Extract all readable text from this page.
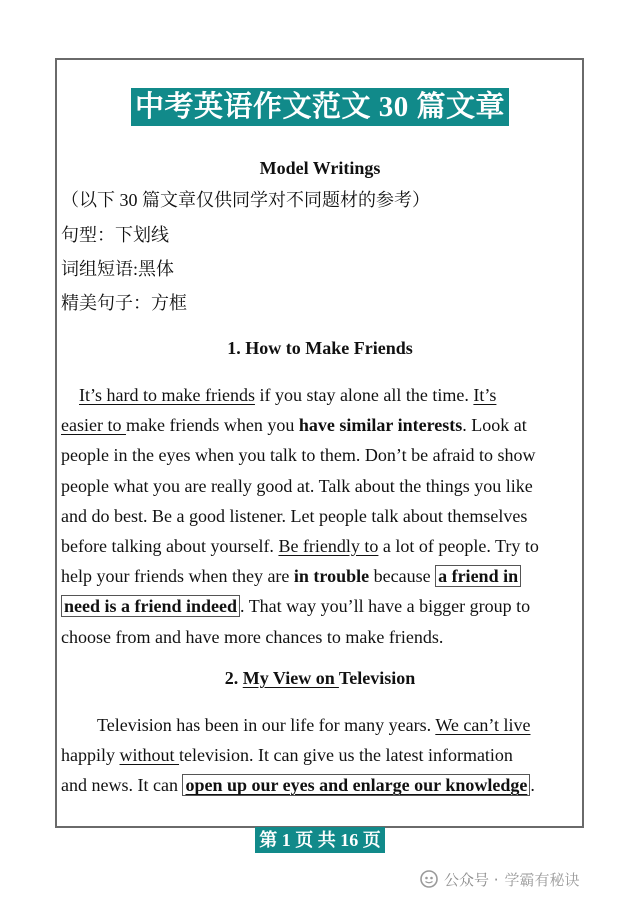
中考英语作文范文 30 篇文章
Model Writings
（以下 30 篇文章仅供同学对不同题材的参考）
句型：下划线
词组短语:黑体
精美句子：方框
1. How to Make Friends
It’s hard to make friends if you stay alone all the time. It’s
easier to make friends when you have similar interests. Look at
people in the eyes when you talk to them. Don’t be afraid to show
people what you are really good at. Talk about the things you like
and do best. Be a good listener. Let people talk about themselves
before talking about yourself. Be friendly to a lot of people. Try to
help your friends when they are in trouble because a friend in
need is a friend indeed . That way you’ll have a bigger group to
choose from and have more chances to make friends.
2. My View on Television
Television has been in our life for many years. We can’t live
happily without television. It can give us the latest information
and news. It can open up our eyes and enlarge our knowledge .
第 1 页 共 16 页
公众号 · 学霸有秘诀
